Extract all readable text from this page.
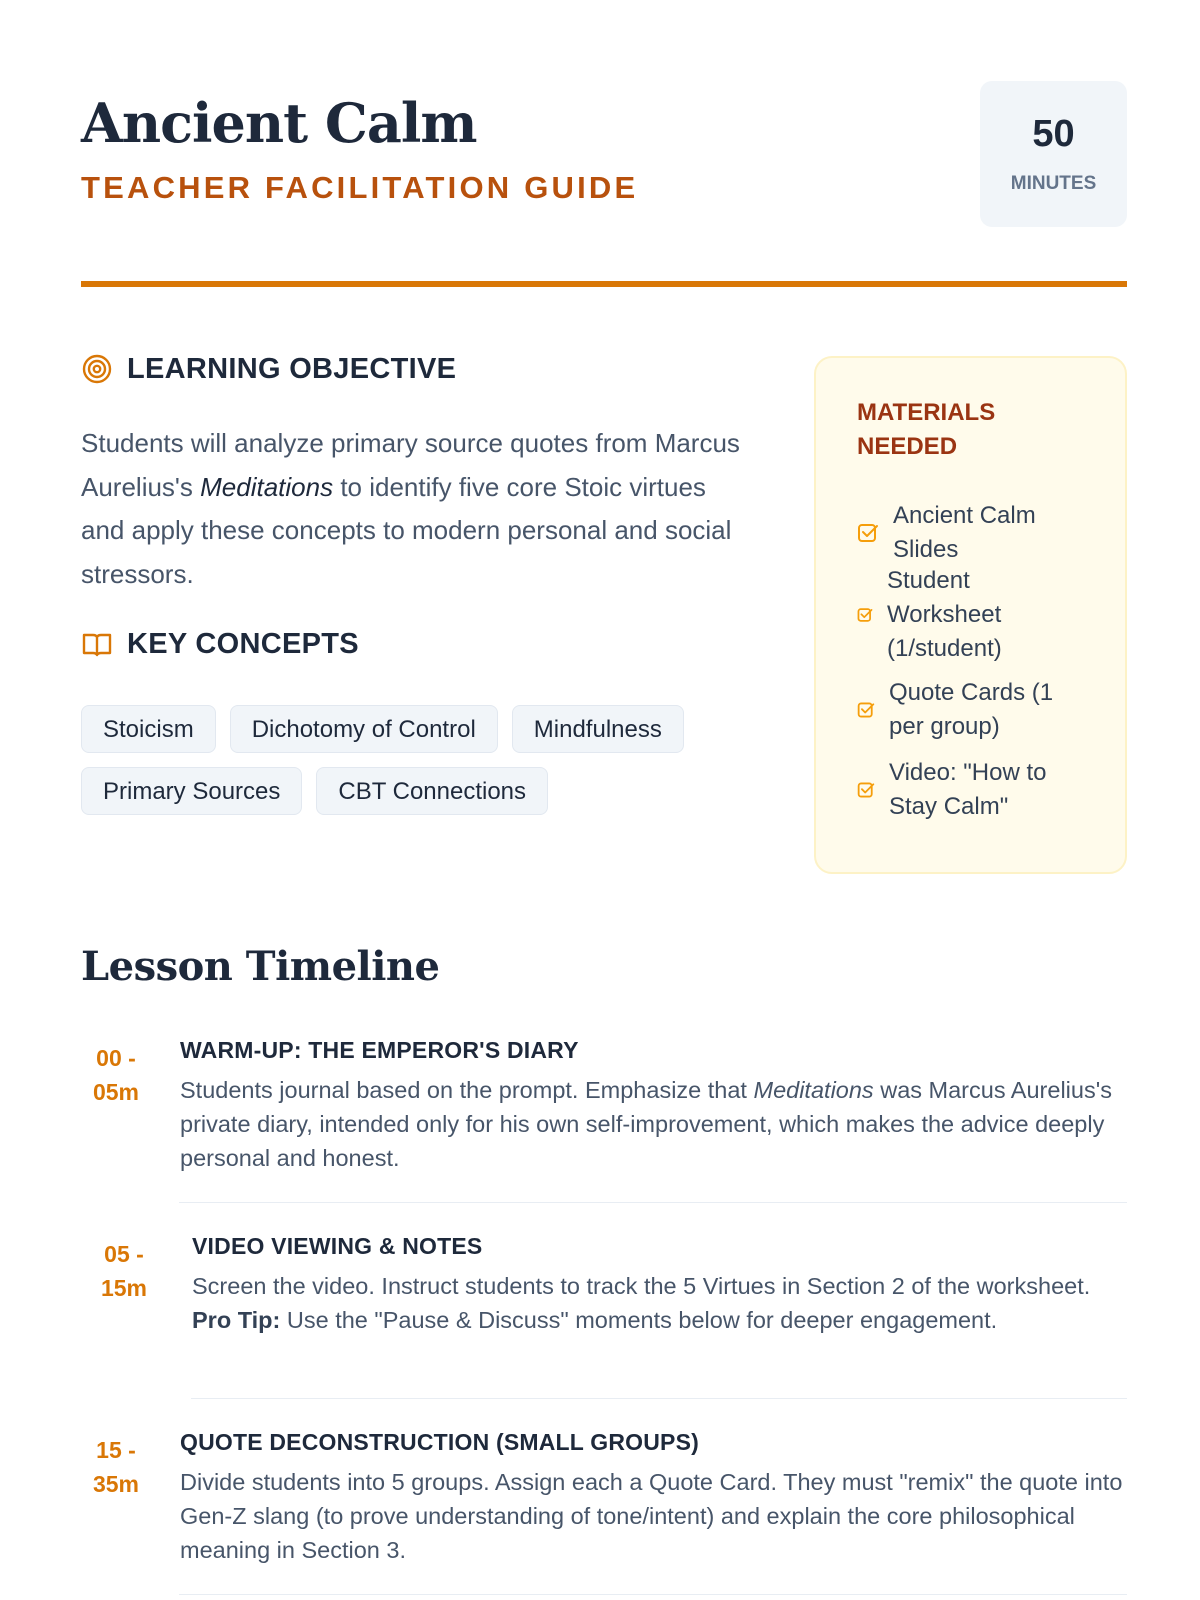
Ancient Calm
TEACHER FACILITATION GUIDE
50
MINUTES
LEARNING OBJECTIVE
Students will analyze primary source quotes from Marcus Aurelius's Meditations to identify five core Stoic virtues and apply these concepts to modern personal and social stressors.
KEY CONCEPTS
Stoicism	Dichotomy of Control	Mindfulness
Primary Sources	CBT Connections
MATERIALS NEEDED
Ancient Calm Slides
Student Worksheet (1/student)
Quote Cards (1 per group)
Video: "How to Stay Calm"
Lesson Timeline
00 - 05m
WARM-UP: THE EMPEROR'S DIARY
Students journal based on the prompt. Emphasize that Meditations was Marcus Aurelius's private diary, intended only for his own self-improvement, which makes the advice deeply personal and honest.
05 - 15m
VIDEO VIEWING & NOTES
Screen the video. Instruct students to track the 5 Virtues in Section 2 of the worksheet. Pro Tip: Use the "Pause & Discuss" moments below for deeper engagement.
15 - 35m
QUOTE DECONSTRUCTION (SMALL GROUPS)
Divide students into 5 groups. Assign each a Quote Card. They must "remix" the quote into Gen-Z slang (to prove understanding of tone/intent) and explain the core philosophical meaning in Section 3.
